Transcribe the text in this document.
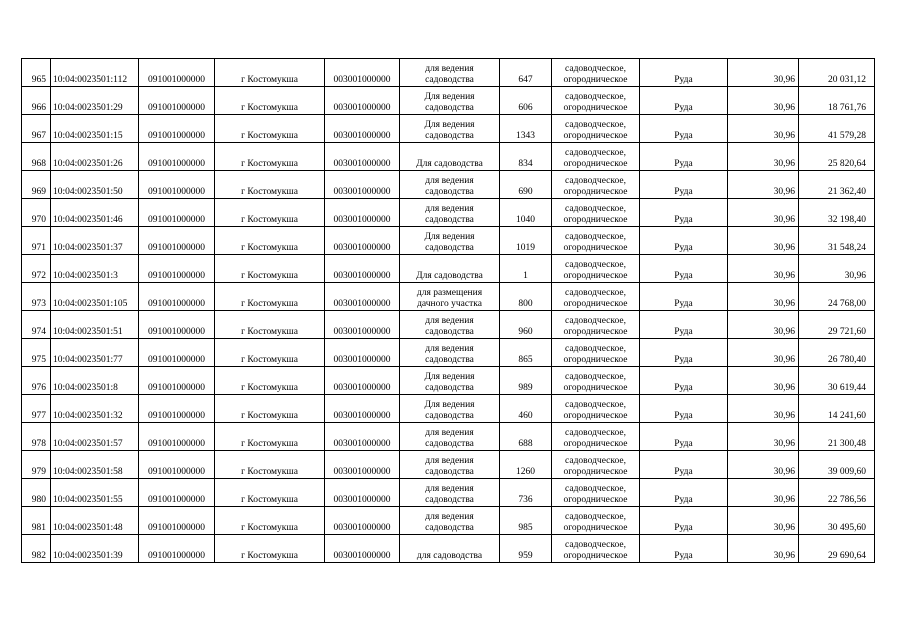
965	10:04:0023501:112	091001000000	г Костомукша	003001000000	для ведения
садоводства	647	садоводческое,
огородническое	Руда	30,96	20 031,12
966	10:04:0023501:29	091001000000	г Костомукша	003001000000	Для ведения
садоводства	606	садоводческое,
огородническое	Руда	30,96	18 761,76
967	10:04:0023501:15	091001000000	г Костомукша	003001000000	Для ведения
садоводства	1343	садоводческое,
огородническое	Руда	30,96	41 579,28
968	10:04:0023501:26	091001000000	г Костомукша	003001000000	Для садоводства	834	садоводческое,
огородническое	Руда	30,96	25 820,64
969	10:04:0023501:50	091001000000	г Костомукша	003001000000	для ведения
садоводства	690	садоводческое,
огородническое	Руда	30,96	21 362,40
970	10:04:0023501:46	091001000000	г Костомукша	003001000000	для ведения
садоводства	1040	садоводческое,
огородническое	Руда	30,96	32 198,40
971	10:04:0023501:37	091001000000	г Костомукша	003001000000	Для ведения
садоводства	1019	садоводческое,
огородническое	Руда	30,96	31 548,24
972	10:04:0023501:3	091001000000	г Костомукша	003001000000	Для садоводства	1	садоводческое,
огородническое	Руда	30,96	30,96
973	10:04:0023501:105	091001000000	г Костомукша	003001000000	для размещения
дачного участка	800	садоводческое,
огородническое	Руда	30,96	24 768,00
974	10:04:0023501:51	091001000000	г Костомукша	003001000000	для ведения
садоводства	960	садоводческое,
огородническое	Руда	30,96	29 721,60
975	10:04:0023501:77	091001000000	г Костомукша	003001000000	для ведения
садоводства	865	садоводческое,
огородническое	Руда	30,96	26 780,40
976	10:04:0023501:8	091001000000	г Костомукша	003001000000	Для ведения
садоводства	989	садоводческое,
огородническое	Руда	30,96	30 619,44
977	10:04:0023501:32	091001000000	г Костомукша	003001000000	Для ведения
садоводства	460	садоводческое,
огородническое	Руда	30,96	14 241,60
978	10:04:0023501:57	091001000000	г Костомукша	003001000000	для ведения
садоводства	688	садоводческое,
огородническое	Руда	30,96	21 300,48
979	10:04:0023501:58	091001000000	г Костомукша	003001000000	для ведения
садоводства	1260	садоводческое,
огородническое	Руда	30,96	39 009,60
980	10:04:0023501:55	091001000000	г Костомукша	003001000000	для ведения
садоводства	736	садоводческое,
огородническое	Руда	30,96	22 786,56
981	10:04:0023501:48	091001000000	г Костомукша	003001000000	для ведения
садоводства	985	садоводческое,
огородническое	Руда	30,96	30 495,60
982	10:04:0023501:39	091001000000	г Костомукша	003001000000	для садоводства	959	садоводческое,
огородническое	Руда	30,96	29 690,64
